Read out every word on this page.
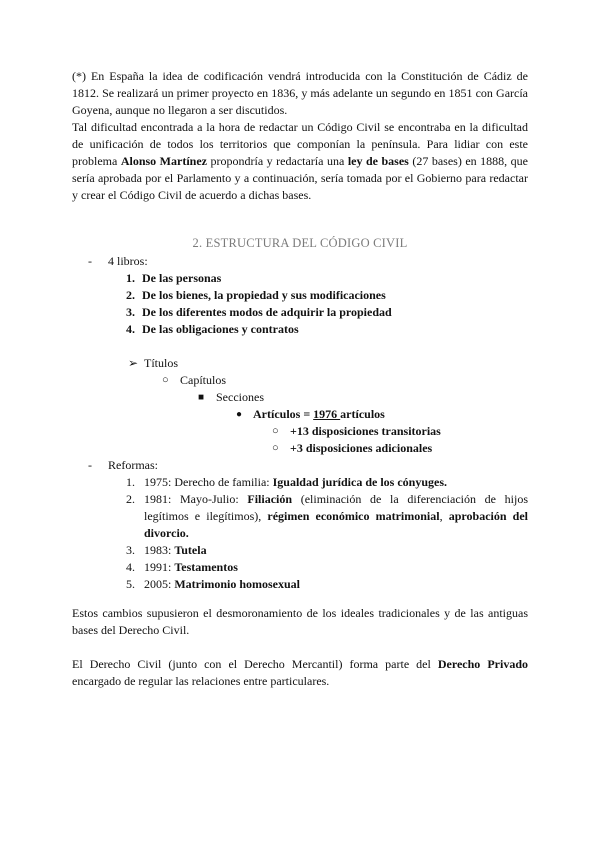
(*) En España la idea de codificación vendrá introducida con la Constitución de Cádiz de 1812. Se realizará un primer proyecto en 1836, y más adelante un segundo en 1851 con García Goyena, aunque no llegaron a ser discutidos.

Tal dificultad encontrada a la hora de redactar un Código Civil se encontraba en la dificultad de unificación de todos los territorios que componían la península. Para lidiar con este problema Alonso Martínez propondría y redactaría una ley de bases (27 bases) en 1888, que sería aprobada por el Parlamento y a continuación, sería tomada por el Gobierno para redactar y crear el Código Civil de acuerdo a dichas bases.

2. ESTRUCTURA DEL CÓDIGO CIVIL
- 4 libros:
1. De las personas
2. De los bienes, la propiedad y sus modificaciones
3. De los diferentes modos de adquirir la propiedad
4. De las obligaciones y contratos
➢ Títulos
○ Capítulos
■ Secciones
● Artículos = 1976 artículos
○ +13 disposiciones transitorias
○ +3 disposiciones adicionales
- Reformas:
1. 1975: Derecho de familia: Igualdad jurídica de los cónyuges.
2. 1981: Mayo-Julio: Filiación (eliminación de la diferenciación de hijos legítimos e ilegítimos), régimen económico matrimonial, aprobación del divorcio.

3. 1983: Tutela
4. 1991: Testamentos
5. 2005: Matrimonio homosexual

Estos cambios supusieron el desmoronamiento de los ideales tradicionales y de las antiguas bases del Derecho Civil.

El Derecho Civil (junto con el Derecho Mercantil) forma parte del Derecho Privado encargado de regular las relaciones entre particulares.
